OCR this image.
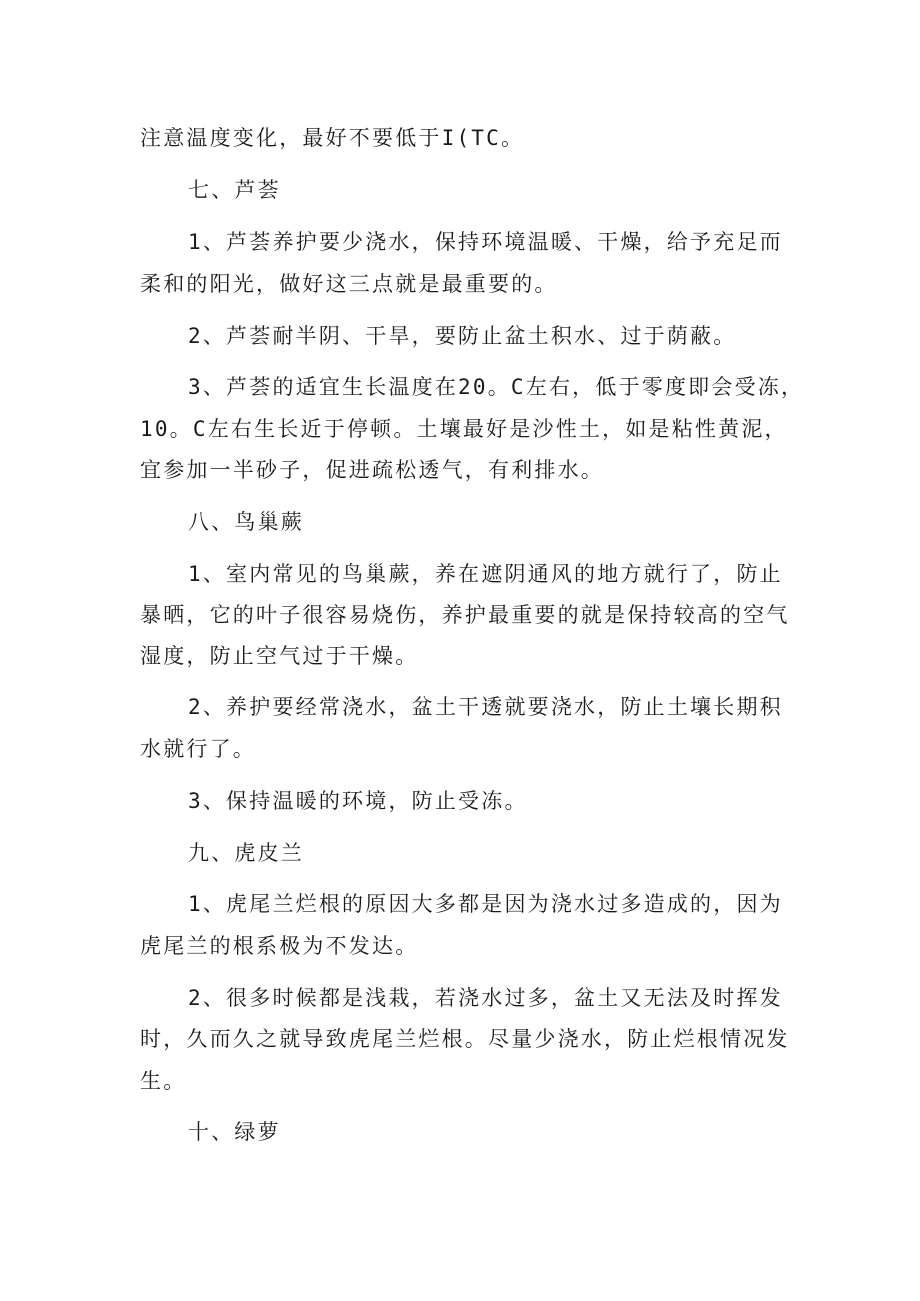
注意温度变化，最好不要低于I(TC。
七、芦荟
1、芦荟养护要少浇水，保持环境温暖、干燥，给予充足而
柔和的阳光，做好这三点就是最重要的。
2、芦荟耐半阴、干旱，要防止盆土积水、过于荫蔽。
3、芦荟的适宜生长温度在20。C左右，低于零度即会受冻，
10。C左右生长近于停顿。土壤最好是沙性土，如是粘性黄泥，
宜参加一半砂子，促进疏松透气，有利排水。
八、鸟巢蕨
1、室内常见的鸟巢蕨，养在遮阴通风的地方就行了，防止
暴晒，它的叶子很容易烧伤，养护最重要的就是保持较高的空气
湿度，防止空气过于干燥。
2、养护要经常浇水，盆土干透就要浇水，防止土壤长期积
水就行了。
3、保持温暖的环境，防止受冻。
九、虎皮兰
1、虎尾兰烂根的原因大多都是因为浇水过多造成的，因为
虎尾兰的根系极为不发达。
2、很多时候都是浅栽，若浇水过多，盆土又无法及时挥发
时，久而久之就导致虎尾兰烂根。尽量少浇水，防止烂根情况发
生。
十、绿萝
